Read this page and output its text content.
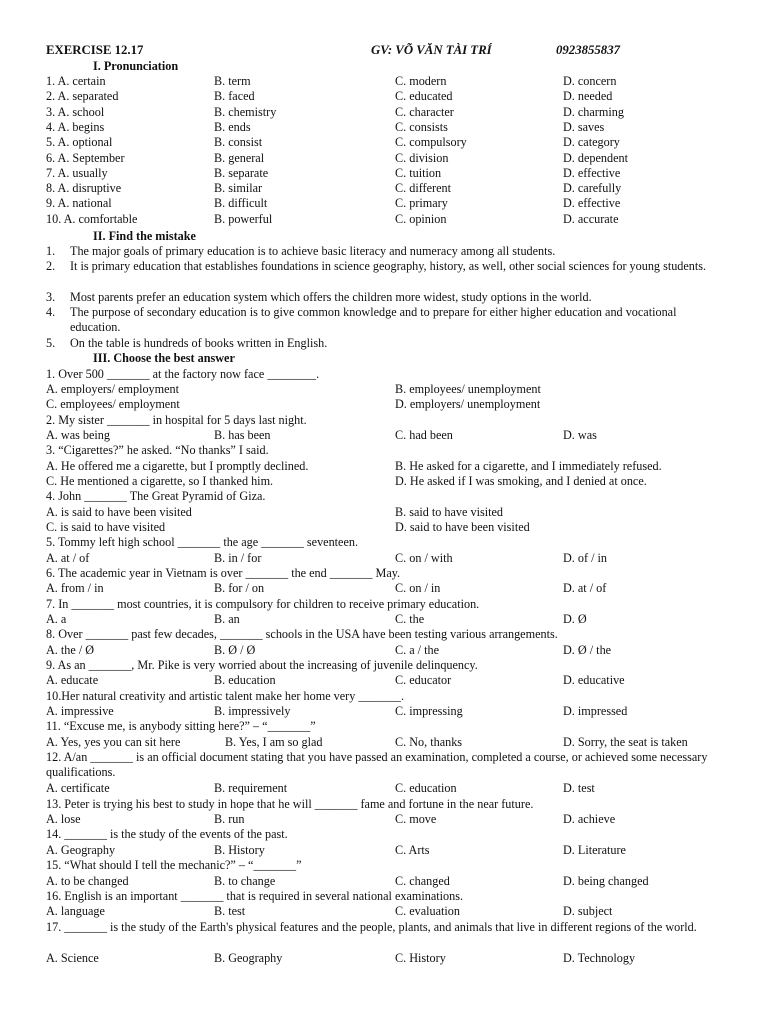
EXERCISE 12.17	GV: VÕ VĂN TÀI TRÍ	0923855837
I. Pronunciation
1. A. certain	B. term	C. modern	D. concern
2. A. separated	B. faced	C. educated	D. needed
3. A. school	B. chemistry	C. character	D. charming
4. A. begins	B. ends	C. consists	D. saves
5. A. optional	B. consist	C. compulsory	D. category
6. A. September	B. general	C. division	D. dependent
7. A. usually	B. separate	C. tuition	D. effective
8. A. disruptive	B. similar	C. different	D. carefully
9. A. national	B. difficult	C. primary	D. effective
10. A. comfortable	B. powerful	C. opinion	D. accurate
II. Find the mistake
1. The major goals of primary education is to achieve basic literacy and numeracy among all students.
2. It is primary education that establishes foundations in science geography, history, as well, other social sciences for young students.
3. Most parents prefer an education system which offers the children more widest, study options in the world.
4. The purpose of secondary education is to give common knowledge and to prepare for either higher education and vocational education.
5. On the table is hundreds of books written in English.
III. Choose the best answer
1. Over 500 _______ at the factory now face ________.
A. employers/ employment	B. employees/ unemployment
C. employees/ employment	D. employers/ unemployment
2. My sister _______ in hospital for 5 days last night.
A. was being	B. has been	C. had been	D. was
3. “Cigarettes?” he asked. “No thanks” I said.
A. He offered me a cigarette, but I promptly declined.	B. He asked for a cigarette, and I immediately refused.
C. He mentioned a cigarette, so I thanked him.	D. He asked if I was smoking, and I denied at once.
4. John _______ The Great Pyramid of Giza.
A. is said to have been visited	B. said to have visited
C. is said to have visited	D. said to have been visited
5. Tommy left high school _______ the age _______ seventeen.
A. at / of	B. in / for	C. on / with	D. of / in
6. The academic year in Vietnam is over _______ the end _______ May.
A. from / in	B. for / on	C. on / in	D. at / of
7. In _______ most countries, it is compulsory for children to receive primary education.
A. a	B. an	C. the	D. Ø
8. Over _______ past few decades, _______ schools in the USA have been testing various arrangements.
A. the / Ø	B. Ø / Ø	C. a / the	D. Ø / the
9. As an _______, Mr. Pike is very worried about the increasing of juvenile delinquency.
A. educate	B. education	C. educator	D. educative
10.Her natural creativity and artistic talent make her home very _______.
A. impressive	B. impressively	C. impressing	D. impressed
11. “Excuse me, is anybody sitting here?” – “_______”
A. Yes, yes you can sit here	B. Yes, I am so glad	C. No, thanks	D. Sorry, the seat is taken
12. A/an _______ is an official document stating that you have passed an examination, completed a course, or achieved some necessary qualifications.
A. certificate	B. requirement	C. education	D. test
13. Peter is trying his best to study in hope that he will _______ fame and fortune in the near future.
A. lose	B. run	C. move	D. achieve
14. _______ is the study of the events of the past.
A. Geography	B. History	C. Arts	D. Literature
15. “What should I tell the mechanic?” – “_______”
A. to be changed	B. to change	C. changed	D. being changed
16. English is an important _______ that is required in several national examinations.
A. language	B. test	C. evaluation	D. subject
17. _______ is the study of the Earth's physical features and the people, plants, and animals that live in different regions of the world.
A. Science	B. Geography	C. History	D. Technology
